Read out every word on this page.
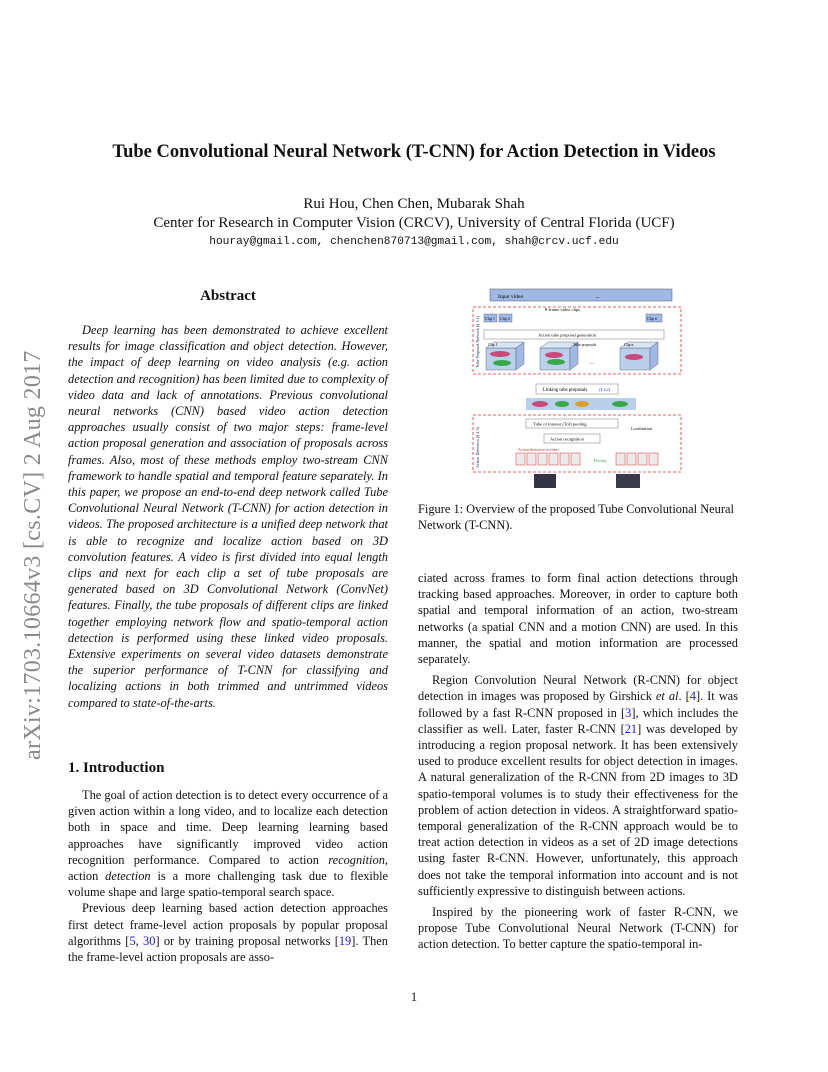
Tube Convolutional Neural Network (T-CNN) for Action Detection in Videos
Rui Hou, Chen Chen, Mubarak Shah
Center for Research in Computer Vision (CRCV), University of Central Florida (UCF)
houray@gmail.com, chenchen870713@gmail.com, shah@crcv.ucf.edu
arXiv:1703.10664v3 [cs.CV] 2 Aug 2017
Abstract

Deep learning has been demonstrated to achieve excellent results for image classification and object detection. However, the impact of deep learning on video analysis (e.g. action detection and recognition) has been limited due to complexity of video data and lack of annotations. Previous convolutional neural networks (CNN) based video action detection approaches usually consist of two major steps: frame-level action proposal generation and association of proposals across frames. Also, most of these methods employ two-stream CNN framework to handle spatial and temporal feature separately. In this paper, we propose an end-to-end deep network called Tube Convolutional Neural Network (T-CNN) for action detection in videos. The proposed architecture is a unified deep network that is able to recognize and localize action based on 3D convolution features. A video is first divided into equal length clips and next for each clip a set of tube proposals are generated based on 3D Convolutional Network (ConvNet) features. Finally, the tube proposals of different clips are linked together employing network flow and spatio-temporal action detection is performed using these linked video proposals. Extensive experiments on several video datasets demonstrate the superior performance of T-CNN for classifying and localizing actions in both trimmed and untrimmed videos compared to state-of-the-arts.

1. Introduction

The goal of action detection is to detect every occurrence of a given action within a long video, and to localize each detection both in space and time. Deep learning learning based approaches have significantly improved video action recognition performance. Compared to action recognition, action detection is a more challenging task due to flexible volume shape and large spatio-temporal search space.

Previous deep learning based action detection approaches first detect frame-level action proposals by popular proposal algorithms [5, 30] or by training proposal networks [19]. Then the frame-level action proposals are asso-

Input video	...
8-frame video clips
Tube Proposal Network (§ 3.1) Clip 1 Clip 2	Clip n
Action tube proposal generation
Clip 1	Tube proposals
...
Clip n
Linking tube proposals	(§ 4.2)
Action Detection (§ 4.3)
Tube of interest (ToI) pooling
Action recognition
Localization
Action detection in video
Diving
Figure 1: Overview of the proposed Tube Convolutional Neural Network (T-CNN).

ciated across frames to form final action detections through tracking based approaches. Moreover, in order to capture both spatial and temporal information of an action, two-stream networks (a spatial CNN and a motion CNN) are used. In this manner, the spatial and motion information are processed separately.

Region Convolution Neural Network (R-CNN) for object detection in images was proposed by Girshick et al. [4]. It was followed by a fast R-CNN proposed in [3], which includes the classifier as well. Later, faster R-CNN [21] was developed by introducing a region proposal network. It has been extensively used to produce excellent results for object detection in images. A natural generalization of the R-CNN from 2D images to 3D spatio-temporal volumes is to study their effectiveness for the problem of action detection in videos. A straightforward spatio-temporal generalization of the R-CNN approach would be to treat action detection in videos as a set of 2D image detections using faster R-CNN. However, unfortunately, this approach does not take the temporal information into account and is not sufficiently expressive to distinguish between actions.

Inspired by the pioneering work of faster R-CNN, we propose Tube Convolutional Neural Network (T-CNN) for action detection. To better capture the spatio-temporal in-

1
